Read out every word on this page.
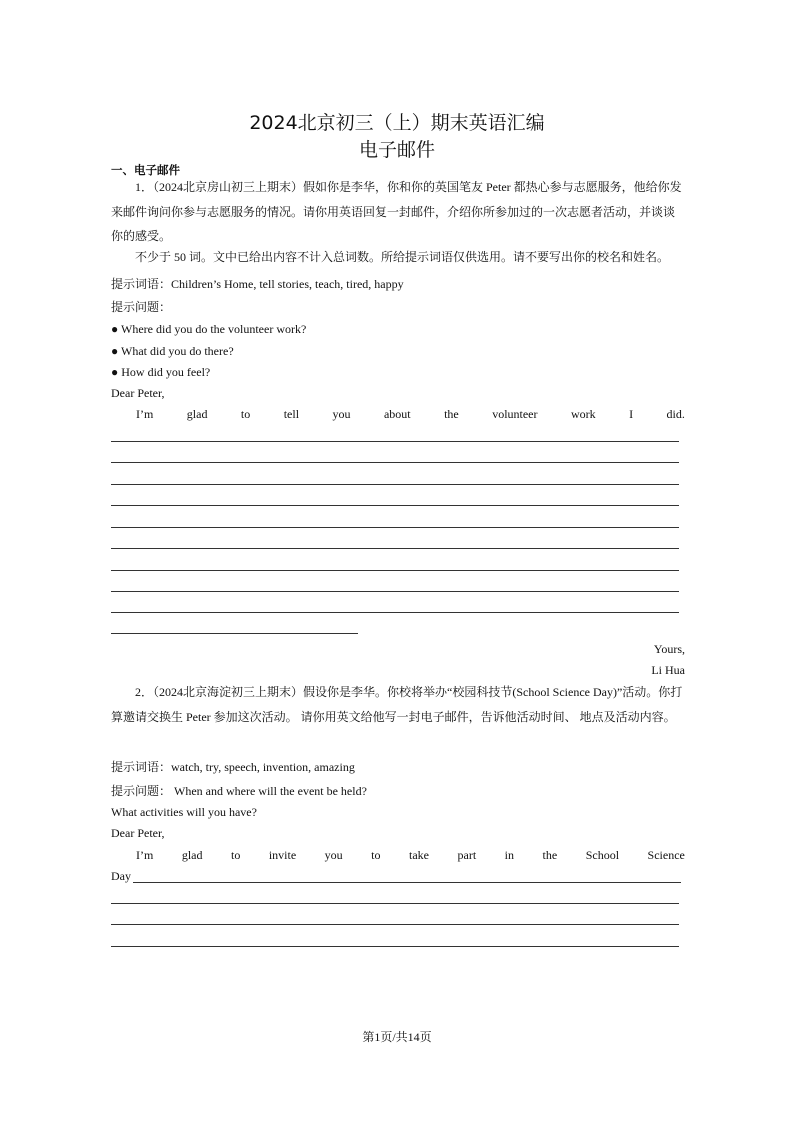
2024北京初三（上）期末英语汇编
电子邮件
一、电子邮件
1．（2024北京房山初三上期末）假如你是李华，你和你的英国笔友 Peter 都热心参与志愿服务，他给你发来邮件询问你参与志愿服务的情况。请你用英语回复一封邮件，介绍你所参加过的一次志愿者活动，并谈谈你的感受。
不少于 50 词。文中已给出内容不计入总词数。所给提示词语仅供选用。请不要写出你的校名和姓名。
提示词语：Children’s Home, tell stories, teach, tired, happy
提示问题：
● Where did you do the volunteer work?
● What did you do there?
● How did you feel?
Dear Peter,
I’m	glad	to	tell	you	about	the	volunteer	work	I	did.
Yours,
Li Hua
2．（2024北京海淀初三上期末）假设你是李华。你校将举办“校园科技节(School Science Day)”活动。你打算邀请交换生 Peter 参加这次活动。 请你用英文给他写一封电子邮件，告诉他活动时间、 地点及活动内容。
提示词语：watch, try, speech, invention, amazing
提示问题： When and where will the event be held?
What activities will you have?
Dear Peter,
I’m glad to invite you to take part in the School Science
Day
第1页/共14页
